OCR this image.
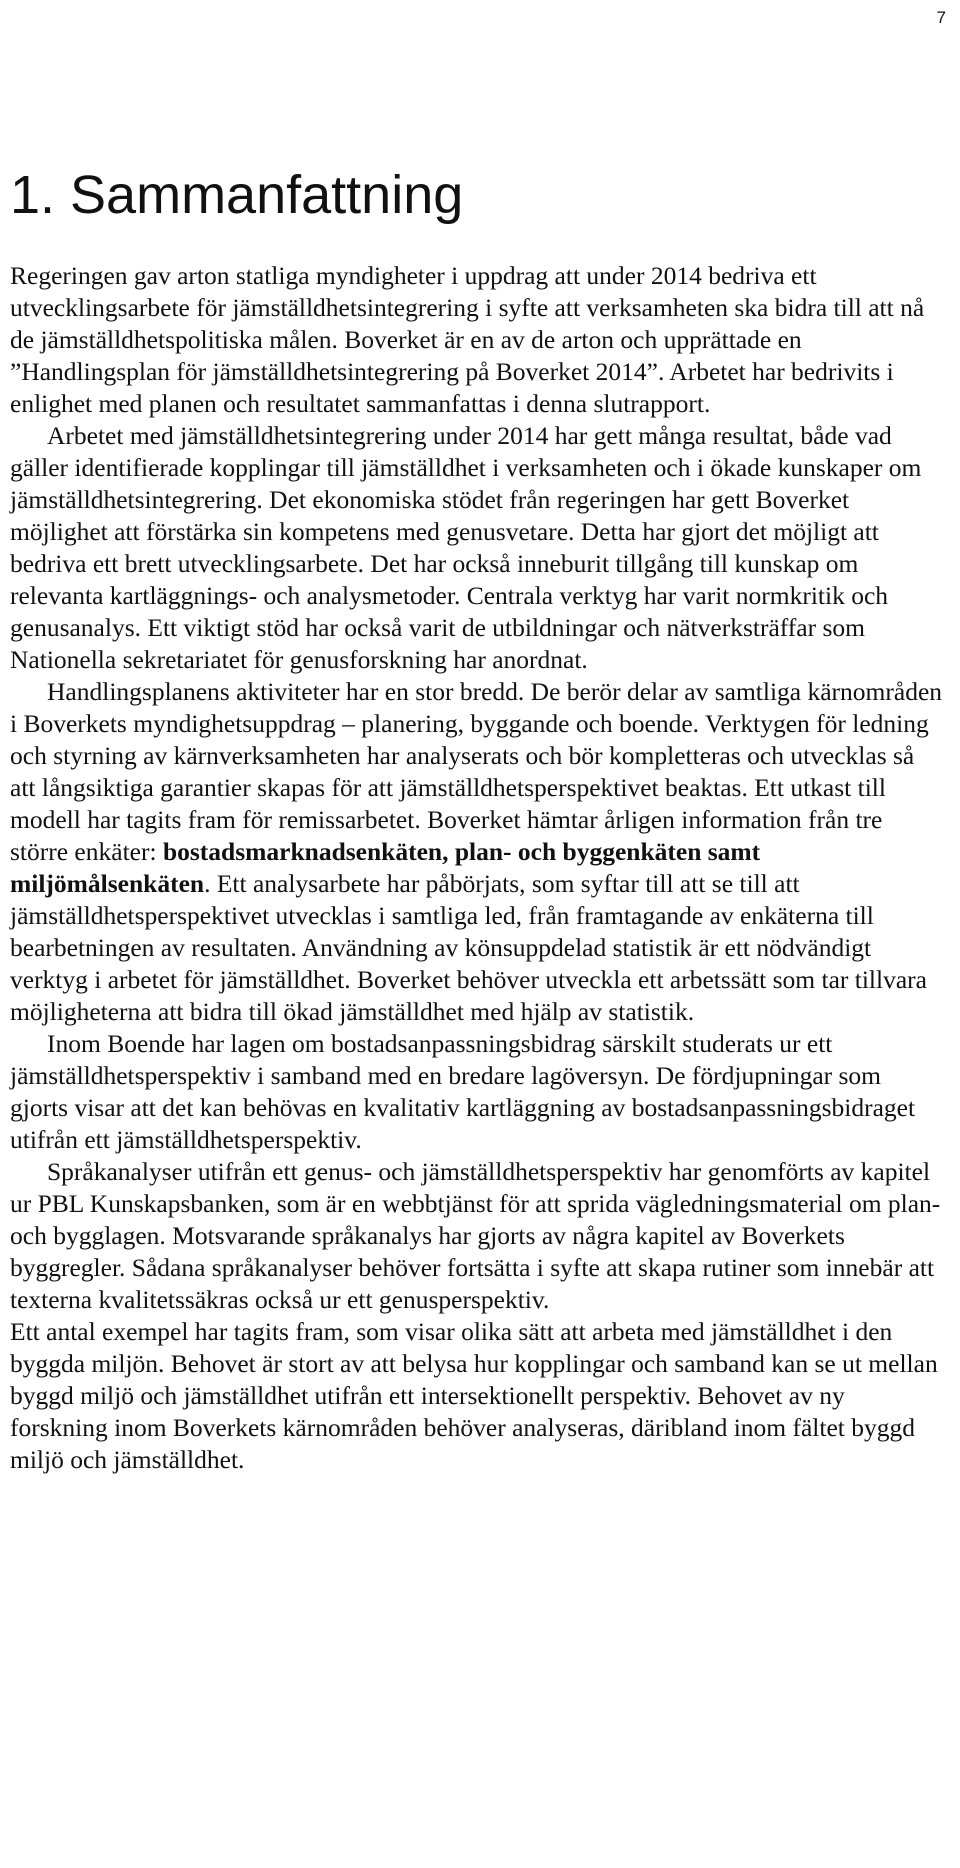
7
1. Sammanfattning

Regeringen gav arton statliga myndigheter i uppdrag att under 2014 bedriva ett utvecklingsarbete för jämställdhetsintegrering i syfte att verksamheten ska bidra till att nå de jämställdhetspolitiska målen. Boverket är en av de arton och upprättade en ”Handlingsplan för jämställdhetsintegrering på Boverket 2014”. Arbetet har bedrivits i enlighet med planen och resultatet sammanfattas i denna slutrapport.

Arbetet med jämställdhetsintegrering under 2014 har gett många resultat, både vad gäller identifierade kopplingar till jämställdhet i verksamheten och i ökade kunskaper om jämställdhetsintegrering. Det ekonomiska stödet från regeringen har gett Boverket möjlighet att förstärka sin kompetens med genusvetare. Detta har gjort det möjligt att bedriva ett brett utvecklingsarbete. Det har också inneburit tillgång till kunskap om relevanta kartläggnings- och analysmetoder. Centrala verktyg har varit normkritik och genusanalys. Ett viktigt stöd har också varit de utbildningar och nätverksträffar som Nationella sekretariatet för genusforskning har anordnat.

Handlingsplanens aktiviteter har en stor bredd. De berör delar av samtliga kärnområden i Boverkets myndighetsuppdrag – planering, byggande och boende. Verktygen för ledning och styrning av kärnverksamheten har analyserats och bör kompletteras och utvecklas så att långsiktiga garantier skapas för att jämställdhetsperspektivet beaktas. Ett utkast till modell har tagits fram för remissarbetet. Boverket hämtar årligen information från tre större enkäter: bostadsmarknadsenkäten, plan- och byggenkäten samt miljömålsenkäten. Ett analysarbete har påbörjats, som syftar till att se till att jämställdhetsperspektivet utvecklas i samtliga led, från framtagande av enkäterna till bearbetningen av resultaten. Användning av könsuppdelad statistik är ett nödvändigt verktyg i arbetet för jämställdhet. Boverket behöver utveckla ett arbetssätt som tar tillvara möjligheterna att bidra till ökad jämställdhet med hjälp av statistik.

Inom Boende har lagen om bostadsanpassningsbidrag särskilt studerats ur ett jämställdhetsperspektiv i samband med en bredare lagöversyn. De fördjupningar som gjorts visar att det kan behövas en kvalitativ kartläggning av bostadsanpassningsbidraget utifrån ett jämställdhetsperspektiv.

Språkanalyser utifrån ett genus- och jämställdhetsperspektiv har genomförts av kapitel ur PBL Kunskapsbanken, som är en webbtjänst för att sprida vägledningsmaterial om plan- och bygglagen. Motsvarande språkanalys har gjorts av några kapitel av Boverkets byggregler. Sådana språkanalyser behöver fortsätta i syfte att skapa rutiner som innebär att texterna kvalitetssäkras också ur ett genusperspektiv.

Ett antal exempel har tagits fram, som visar olika sätt att arbeta med jämställdhet i den byggda miljön. Behovet är stort av att belysa hur kopplingar och samband kan se ut mellan byggd miljö och jämställdhet utifrån ett intersektionellt perspektiv. Behovet av ny forskning inom Boverkets kärnområden behöver analyseras, däribland inom fältet byggd miljö och jämställdhet.
